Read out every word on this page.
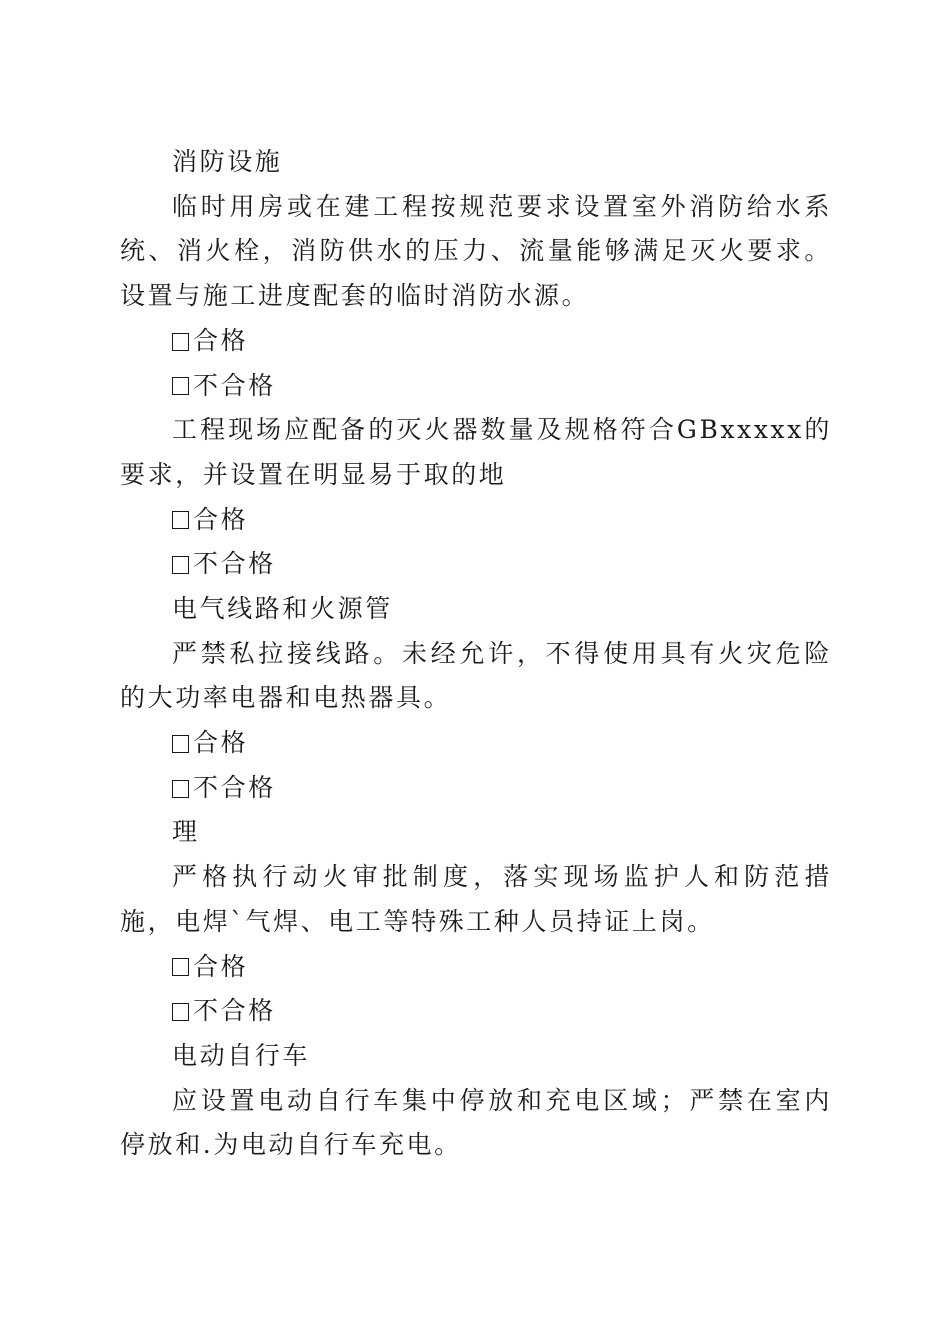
消防设施

临时用房或在建工程按规范要求设置室外消防给水系统、消火栓，消防供水的压力、流量能够满足灭火要求。设置与施工进度配套的临时消防水源。

合格
不合格

工程现场应配备的灭火器数量及规格符合GBxxxxx的要求，并设置在明显易于取的地

合格
不合格

电气线路和火源管

严禁私拉接线路。未经允许，不得使用具有火灾危险的大功率电器和电热器具。

合格
不合格

理

严格执行动火审批制度，落实现场监护人和防范措施，电焊`气焊、电工等特殊工种人员持证上岗。

合格
不合格

电动自行车

应设置电动自行车集中停放和充电区域；严禁在室内停放和.为电动自行车充电。
